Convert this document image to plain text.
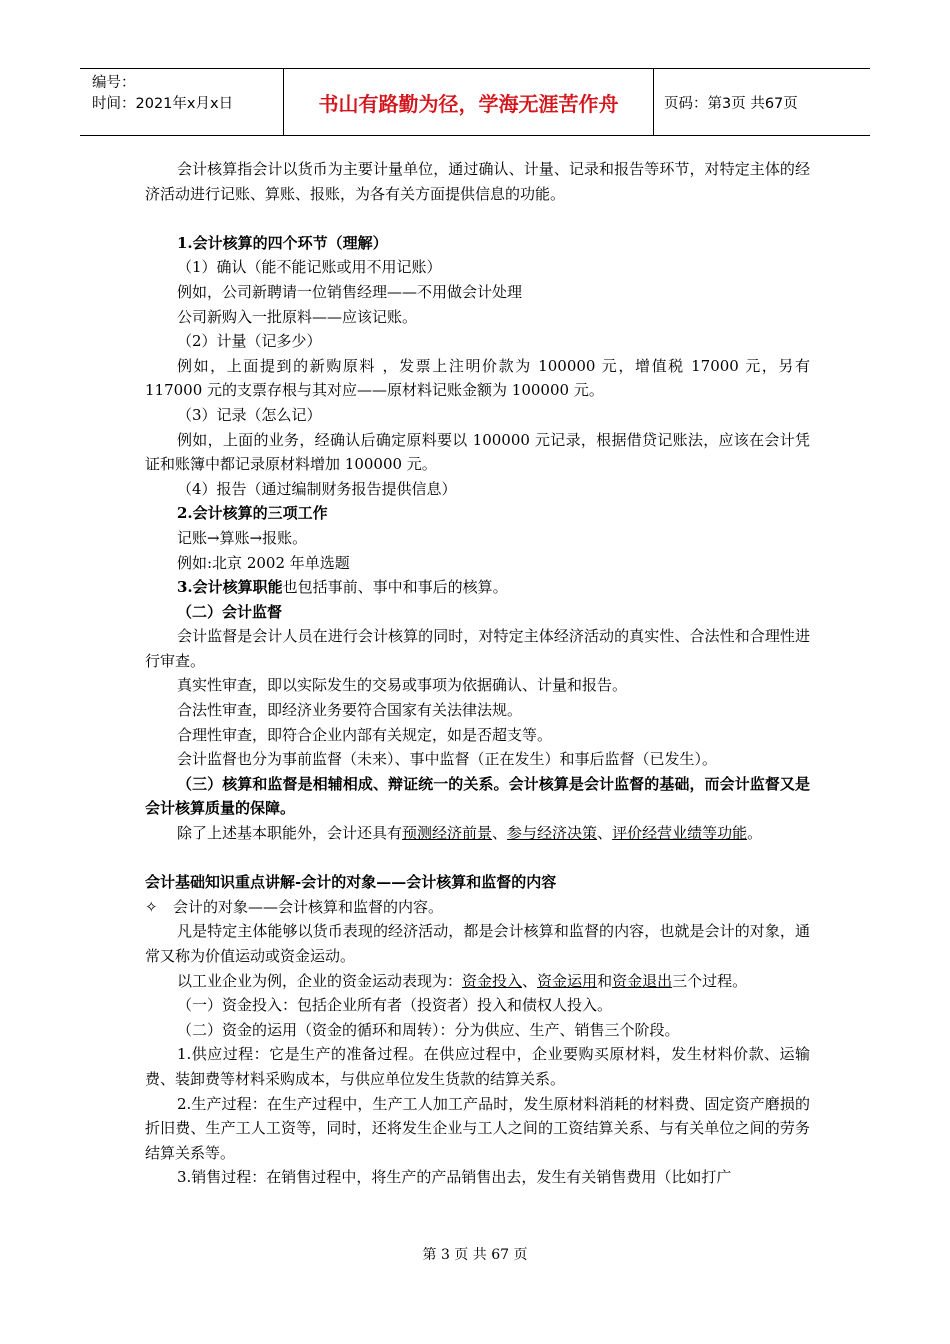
编号：
时间：2021年x月x日	书山有路勤为径，学海无涯苦作舟	页码：第3页 共67页

会计核算指会计以货币为主要计量单位，通过确认、计量、记录和报告等环节，对特定主体的经济活动进行记账、算账、报账，为各有关方面提供信息的功能。

1.会计核算的四个环节（理解）

（1）确认（能不能记账或用不用记账）

例如，公司新聘请一位销售经理——不用做会计处理

公司新购入一批原料——应该记账。

（2）计量（记多少）

例如，上面提到的新购原料 ，发票上注明价款为 100000 元，增值税 17000 元，另有 117000 元的支票存根与其对应——原材料记账金额为 100000 元。

（3）记录（怎么记）

例如，上面的业务，经确认后确定原料要以 100000 元记录，根据借贷记账法，应该在会计凭证和账簿中都记录原材料增加 100000 元。

（4）报告（通过编制财务报告提供信息）

2.会计核算的三项工作

记账→算账→报账。

例如:北京 2002 年单选题

3.会计核算职能也包括事前、事中和事后的核算。

（二）会计监督

会计监督是会计人员在进行会计核算的同时，对特定主体经济活动的真实性、合法性和合理性进行审查。

真实性审查，即以实际发生的交易或事项为依据确认、计量和报告。

合法性审查，即经济业务要符合国家有关法律法规。

合理性审查，即符合企业内部有关规定，如是否超支等。

会计监督也分为事前监督（未来）、事中监督（正在发生）和事后监督（已发生）。

（三）核算和监督是相辅相成、辩证统一的关系。会计核算是会计监督的基础，而会计监督又是会计核算质量的保障。

除了上述基本职能外，会计还具有预测经济前景、参与经济决策、评价经营业绩等功能。

会计基础知识重点讲解-会计的对象——会计核算和监督的内容

✧ 会计的对象——会计核算和监督的内容。

凡是特定主体能够以货币表现的经济活动，都是会计核算和监督的内容，也就是会计的对象，通常又称为价值运动或资金运动。

以工业企业为例，企业的资金运动表现为：资金投入、资金运用和资金退出三个过程。

（一）资金投入：包括企业所有者（投资者）投入和债权人投入。

（二）资金的运用（资金的循环和周转）：分为供应、生产、销售三个阶段。

1.供应过程：它是生产的准备过程。在供应过程中，企业要购买原材料，发生材料价款、运输费、装卸费等材料采购成本，与供应单位发生货款的结算关系。

2.生产过程：在生产过程中，生产工人加工产品时，发生原材料消耗的材料费、固定资产磨损的折旧费、生产工人工资等，同时，还将发生企业与工人之间的工资结算关系、与有关单位之间的劳务结算关系等。

3.销售过程：在销售过程中，将生产的产品销售出去，发生有关销售费用（比如打广

第 3 页 共 67 页
